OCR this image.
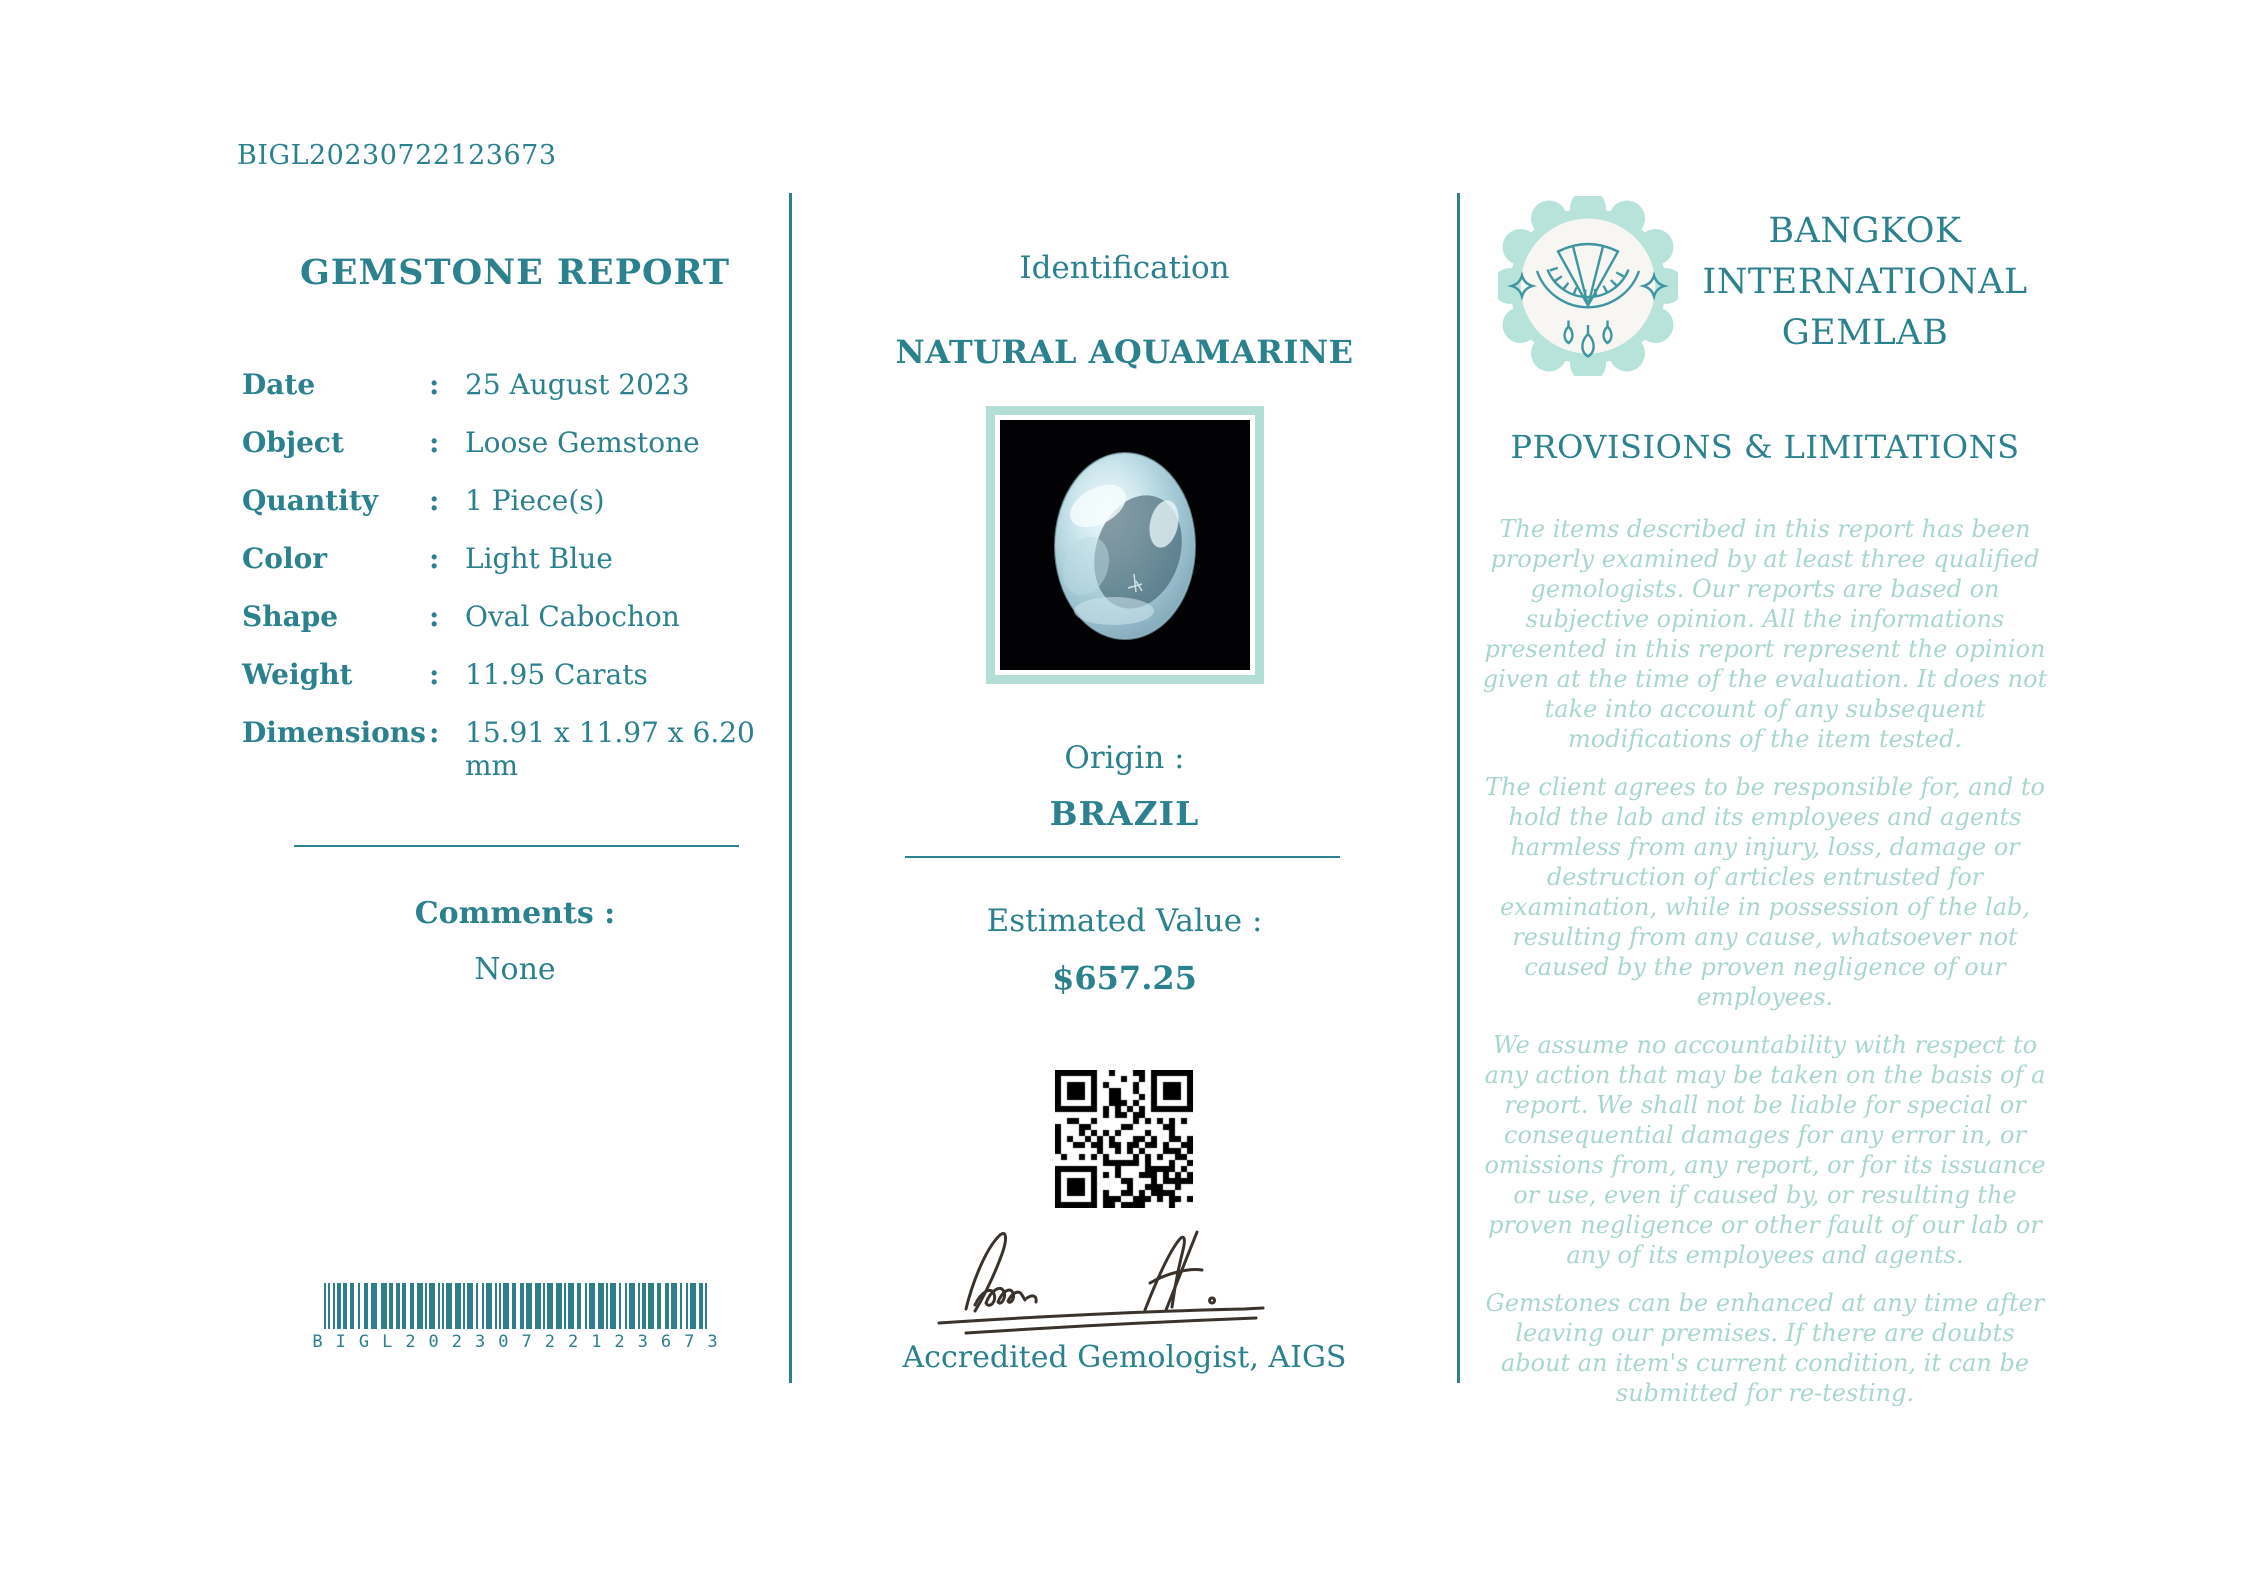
BIGL20230722123673
GEMSTONE REPORT
Date	: 25 August 2023
Object	: Loose Gemstone
Quantity	: 1 Piece(s)
Color	: Light Blue
Shape	: Oval Cabochon
Weight	: 11.95 Carats
Dimensions : 15.91 x 11.97 x 6.20 mm
Comments :
None
BIGL20230722123673
Identification
NATURAL AQUAMARINE
Origin :
BRAZIL
Estimated Value :
$657.25
Accredited Gemologist, AIGS
BANGKOK
INTERNATIONAL
GEMLAB
PROVISIONS & LIMITATIONS

The items described in this report has been properly examined by at least three qualified gemologists. Our reports are based on subjective opinion. All the informations presented in this report represent the opinion given at the time of the evaluation. It does not take into account of any subsequent modifications of the item tested.

The client agrees to be responsible for, and to hold the lab and its employees and agents harmless from any injury, loss, damage or destruction of articles entrusted for examination, while in possession of the lab, resulting from any cause, whatsoever not caused by the proven negligence of our employees.

We assume no accountability with respect to any action that may be taken on the basis of a report. We shall not be liable for special or consequential damages for any error in, or omissions from, any report, or for its issuance or use, even if caused by, or resulting the proven negligence or other fault of our lab or any of its employees and agents.

Gemstones can be enhanced at any time after leaving our premises. If there are doubts about an item's current condition, it can be submitted for re-testing.
